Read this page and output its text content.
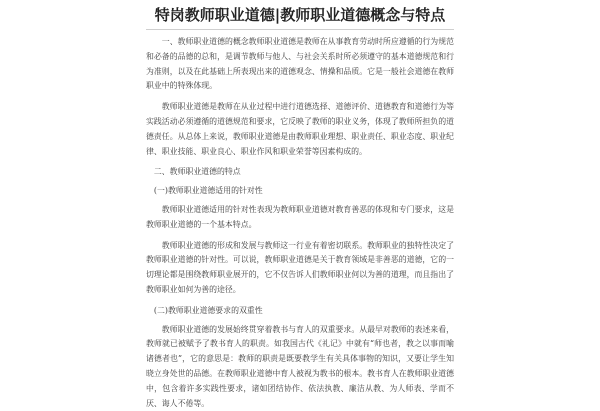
特岗教师职业道德|教师职业道德概念与特点

一、教师职业道德的概念教师职业道德是教师在从事教育劳动时所应遵循的行为规范和必备的品德的总和，是调节教师与他人、与社会关系时所必须遵守的基本道德规范和行为准则，以及在此基础上所表现出来的道德观念、情操和品质。它是一般社会道德在教师职业中的特殊体现。

教师职业道德是教师在从业过程中进行道德选择、道德评价、道德教育和道德行为等实践活动必须遵循的道德规范和要求，它反映了教师的职业义务，体现了教师所担负的道德责任。从总体上来说，教师职业道德是由教师职业理想、职业责任、职业态度、职业纪律、职业技能、职业良心、职业作风和职业荣誉等因素构成的。

二、教师职业道德的特点

(一)教师职业道德适用的针对性

教师职业道德适用的针对性表现为教师职业道德对教育善恶的体现和专门要求，这是教师职业道德的一个基本特点。

教师职业道德的形成和发展与教师这一行业有着密切联系。教师职业的独特性决定了教师职业道德的针对性。可以说，教师职业道德是关于教育领域是非善恶的道德，它的一切理论都是围绕教师职业展开的，它不仅告诉人们教师职业何以为善的道理，而且指出了教师职业如何为善的途径。

(二)教师职业道德要求的双重性

教师职业道德的发展始终贯穿着教书与育人的双重要求。从最早对教师的表述来看，教师就已被赋予了教书育人的职责。如我国古代《礼记》中就有“师也者，教之以事而喻诸德者也”，它的意思是：教师的职责是既要教学生有关具体事物的知识，又要让学生知晓立身处世的品德。在教师职业道德中育人被视为教书的根本。教书育人在教师职业道德中，包含着许多实践性要求，诸如团结协作、依法执教、廉洁从教、为人师表、学而不厌、诲人不倦等。
